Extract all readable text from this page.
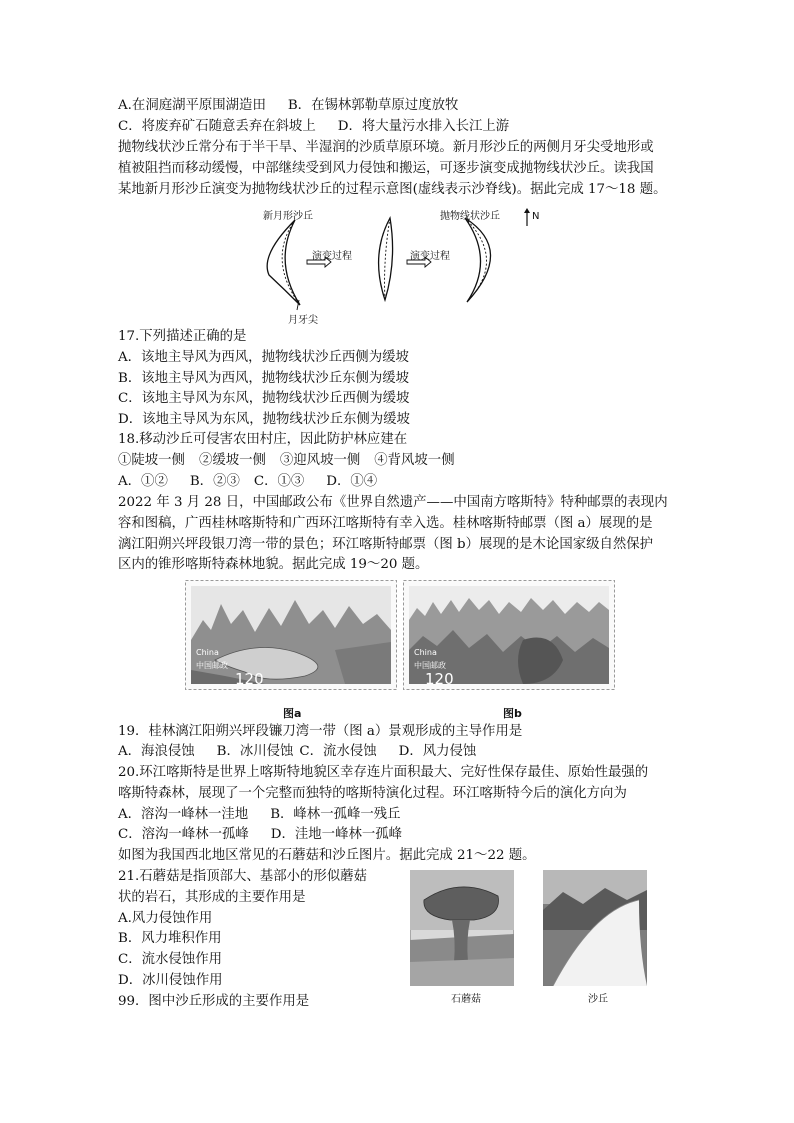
A.在洞庭湖平原围湖造田 B．在锡林郭勒草原过度放牧
C．将废弃矿石随意丢弃在斜坡上 D．将大量污水排入长江上游
抛物线状沙丘常分布于半干旱、半湿润的沙质草原环境。新月形沙丘的两侧月牙尖受地形或
植被阻挡而移动缓慢，中部继续受到风力侵蚀和搬运，可逐步演变成抛物线状沙丘。读我国
某地新月形沙丘演变为抛物线状沙丘的过程示意图(虚线表示沙脊线)。据此完成 17～18 题。
新月形沙丘	抛物线状沙丘	N
演变过程	演变过程
月牙尖
17.下列描述正确的是
A．该地主导风为西风，抛物线状沙丘西侧为缓坡
B．该地主导风为西风，抛物线状沙丘东侧为缓坡
C．该地主导风为东风，抛物线状沙丘西侧为缓坡
D．该地主导风为东风，抛物线状沙丘东侧为缓坡
18.移动沙丘可侵害农田村庄，因此防护林应建在
①陡坡一侧 ②缓坡一侧 ③迎风坡一侧 ④背风坡一侧
A．①② B．②③ C．①③ D．①④
2022 年 3 月 28 日，中国邮政公布《世界自然遗产——中国南方喀斯特》特种邮票的表现内
容和图稿，广西桂林喀斯特和广西环江喀斯特有幸入选。桂林喀斯特邮票（图 a）展现的是
漓江阳朔兴坪段银刀湾一带的景色；环江喀斯特邮票（图 b）展现的是木论国家级自然保护
区内的锥形喀斯特森林地貌。据此完成 19～20 题。
China
中国邮政
120
图a
China
中国邮政
120
图b
19．桂林漓江阳朔兴坪段镰刀湾一带（图 a）景观形成的主导作用是
A．海浪侵蚀 B．冰川侵蚀 C．流水侵蚀 D．风力侵蚀
20.环江喀斯特是世界上喀斯特地貌区幸存连片面积最大、完好性保存最佳、原始性最强的
喀斯特森林，展现了一个完整而独特的喀斯特演化过程。环江喀斯特今后的演化方向为
A．溶沟一峰林一洼地 B．峰林一孤峰一残丘
C．溶沟一峰林一孤峰 D．洼地一峰林一孤峰
如图为我国西北地区常见的石蘑菇和沙丘图片。据此完成 21～22 题。
21.石蘑菇是指顶部大、基部小的形似蘑菇
状的岩石，其形成的主要作用是
A.风力侵蚀作用
B．风力堆积作用
C．流水侵蚀作用
D．冰川侵蚀作用
99．图中沙丘形成的主要作用是	石蘑菇	沙丘
